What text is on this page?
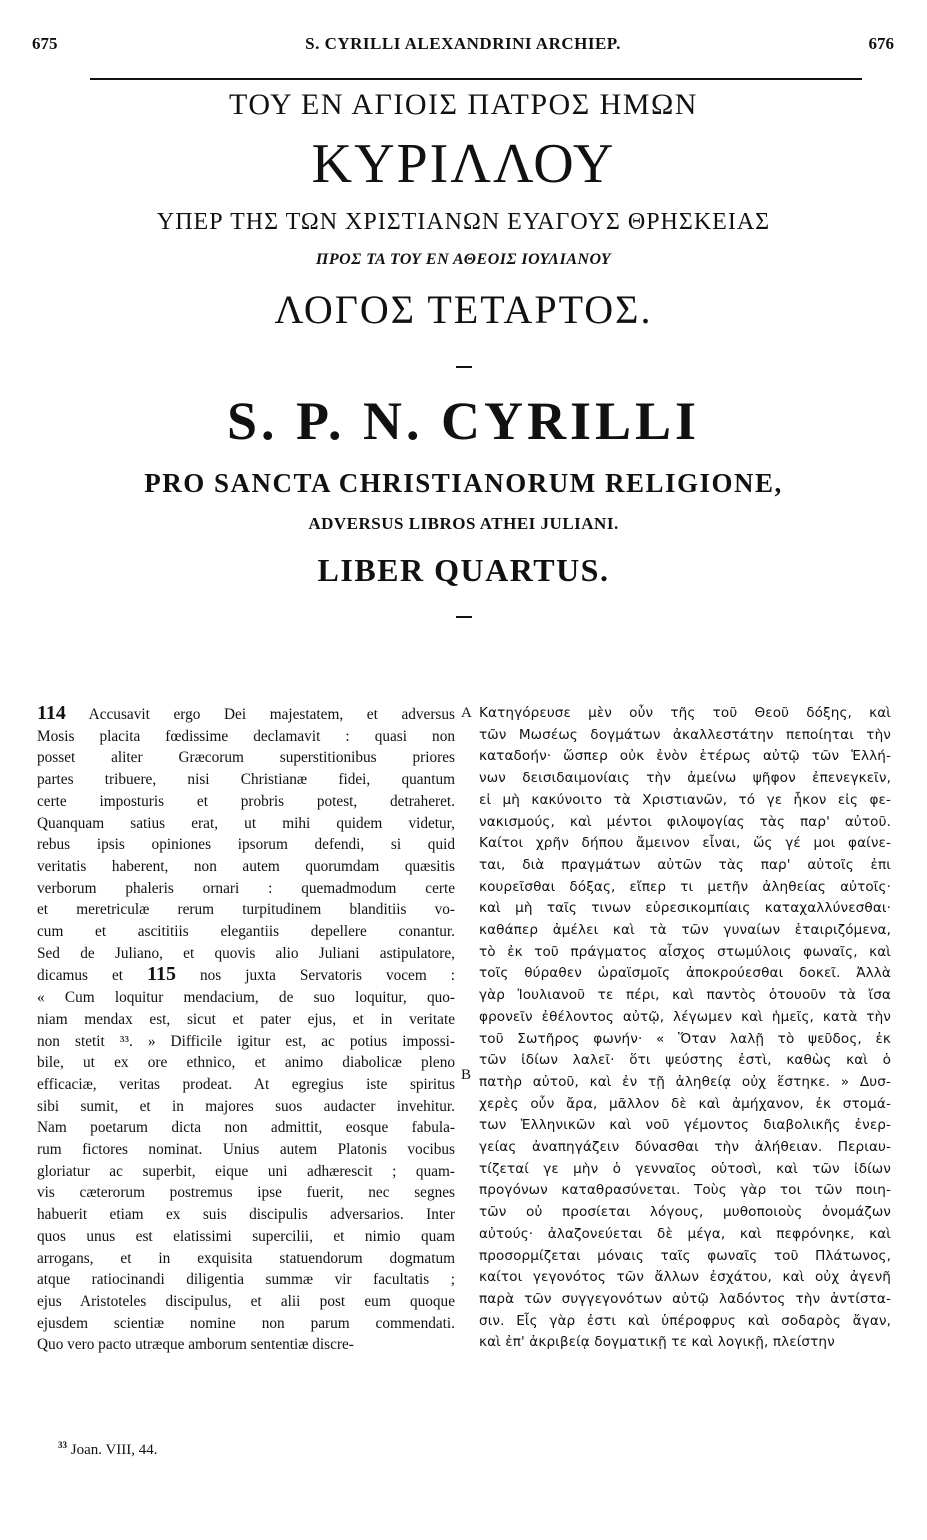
675	S. CYRILLI ALEXANDRINI ARCHIEP.	676
ΤΟΥ ΕΝ ΑΓΙΟΙΣ ΠΑΤΡΟΣ ΗΜΩΝ
ΚΥΡΙΛΛΟΥ
ΥΠΕΡ ΤΗΣ ΤΩΝ ΧΡΙΣΤΙΑΝΩΝ ΕΥΑΓΟΥΣ ΘΡΗΣΚΕΙΑΣ
ΠΡΟΣ ΤΑ ΤΟΥ ΕΝ ΑΘΕΟΙΣ ΙΟΥΛΙΑΝΟΥ
ΛΟΓΟΣ ΤΕΤΑΡΤΟΣ.
S. P. N. CYRILLI
PRO SANCTA CHRISTIANORUM RELIGIONE,
ADVERSUS LIBROS ATHEI JULIANI.
LIBER QUARTUS.
114 Accusavit ergo Dei majestatem, et adversus
Mosis placita fœdissime declamavit : quasi non
posset aliter Græcorum superstitionibus priores
partes tribuere, nisi Christianæ fidei, quantum
certe imposturis et probris potest, detraheret.
Quanquam satius erat, ut mihi quidem videtur,
rebus ipsis opiniones ipsorum defendi, si quid
veritatis haberent, non autem quorumdam quæsitis
verborum phaleris ornari : quemadmodum certe
et meretriculæ rerum turpitudinem blanditiis vo-
cum et ascititiis elegantiis depellere conantur.
Sed de Juliano, et quovis alio Juliani astipulatore,
dicamus et 115 nos juxta Servatoris vocem :
« Cum loquitur mendacium, de suo loquitur, quo-
niam mendax est, sicut et pater ejus, et in veritate
non stetit ³³. » Difficile igitur est, ac potius impossi-
bile, ut ex ore ethnico, et animo diabolicæ pleno
efficaciæ, veritas prodeat. At egregius iste spiritus
sibi sumit, et in majores suos audacter invehitur.
Nam poetarum dicta non admittit, eosque fabula-
rum fictores nominat. Unius autem Platonis vocibus
gloriatur ac superbit, eique uni adhærescit ; quam-
vis cæterorum postremus ipse fuerit, nec segnes
habuerit etiam ex suis discipulis adversarios. Inter
quos unus est elatissimi supercilii, et nimio quam
arrogans, et in exquisita statuendorum dogmatum
atque ratiocinandi diligentia summæ vir facultatis ;
ejus Aristoteles discipulus, et alii post eum quoque
ejusdem scientiæ nomine non parum commendati.
Quo vero pacto utræque amborum sententiæ discre-
A
B
Κατηγόρευσε μὲν οὖν τῆς τοῦ Θεοῦ δόξης, καὶ
τῶν Μωσέως δογμάτων ἀκαλλεστάτην πεποίηται τὴν
καταδοήν· ὥσπερ οὐκ ἐνὸν ἑτέρως αὐτῷ τῶν Ἑλλή-
νων δεισιδαιμονίαις τὴν ἀμείνω ψῆφον ἐπενεγκεῖν,
εἰ μὴ κακύνοιτο τὰ Χριστιανῶν, τό γε ἧκον εἰς φε-
νακισμούς, καὶ μέντοι φιλοψογίας τὰς παρ' αὐτοῦ.
Καίτοι χρῆν δήπου ἄμεινον εἶναι, ὥς γέ μοι φαίνε-
ται, διὰ πραγμάτων αὐτῶν τὰς παρ' αὐτοῖς ἐπι
κουρεῖσθαι δόξας, εἴπερ τι μετῆν ἀληθείας αὐτοῖς·
καὶ μὴ ταῖς τινων εὑρεσικομπίαις καταχαλλύνεσθαι·
καθάπερ ἀμέλει καὶ τὰ τῶν γυναίων ἑταιριζόμενα,
τὸ ἐκ τοῦ πράγματος αἶσχος στωμύλοις φωναῖς, καὶ
τοῖς θύραθεν ὡραϊσμοῖς ἀποκρούεσθαι δοκεῖ. Ἀλλὰ
γὰρ Ἰουλιανοῦ τε πέρι, καὶ παντὸς ὁτουοῦν τὰ ἴσα
φρονεῖν ἐθέλοντος αὐτῷ, λέγωμεν καὶ ἡμεῖς, κατὰ τὴν
τοῦ Σωτῆρος φωνήν· « Ὅταν λαλῇ τὸ ψεῦδος, ἐκ
τῶν ἰδίων λαλεῖ· ὅτι ψεύστης ἐστὶ, καθὼς καὶ ὁ
πατὴρ αὐτοῦ, καὶ ἐν τῇ ἀληθείᾳ οὐχ ἕστηκε. » Δυσ-
χερὲς οὖν ἄρα, μᾶλλον δὲ καὶ ἀμήχανον, ἐκ στομά-
των Ἑλληνικῶν καὶ νοῦ γέμοντος διαβολικῆς ἐνερ-
γείας ἀναπηγάζειν δύνασθαι τὴν ἀλήθειαν. Περιαυ-
τίζεταί γε μὴν ὁ γενναῖος οὑτοσὶ, καὶ τῶν ἰδίων
προγόνων καταθρασύνεται. Τοὺς γὰρ τοι τῶν ποιη-
τῶν οὐ προσίεται λόγους, μυθοποιοὺς ὀνομάζων
αὐτούς· ἀλαζονεύεται δὲ μέγα, καὶ πεφρόνηκε, καὶ
προσορμίζεται μόναις ταῖς φωναῖς τοῦ Πλάτωνος,
καίτοι γεγονότος τῶν ἄλλων ἐσχάτου, καὶ οὐχ ἀγενῆ
παρὰ τῶν συγγεγονότων αὐτῷ λαδόντος τὴν ἀντίστα-
σιν. Εἷς γὰρ ἐστι καὶ ὑπέροφρυς καὶ σοδαρὸς ἄγαν,
καὶ ἐπ' ἀκριβείᾳ δογματικῇ τε καὶ λογικῇ, πλείστην
$^{33}$ Joan. VIII, 44.
